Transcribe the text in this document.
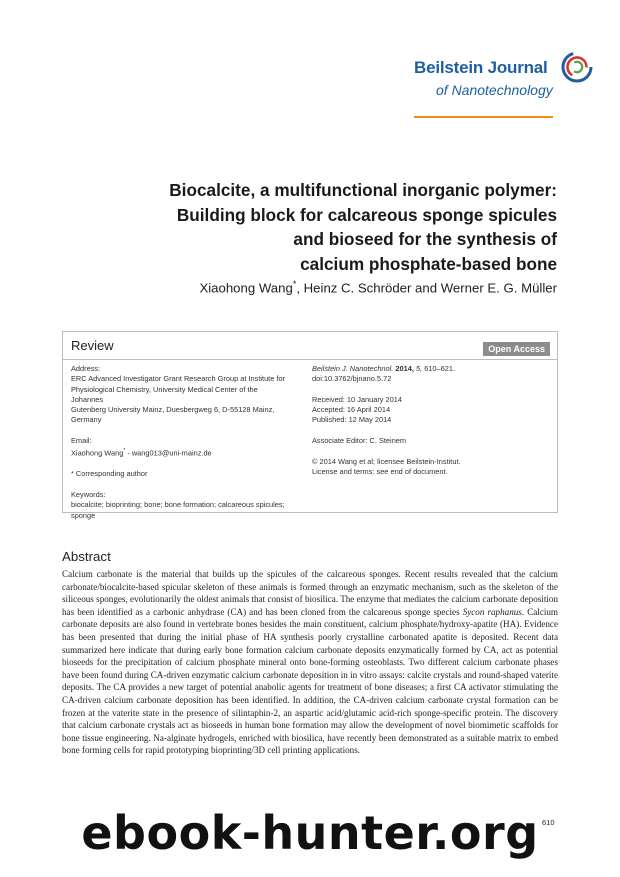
Beilstein Journal
of Nanotechnology
Biocalcite, a multifunctional inorganic polymer:
Building block for calcareous sponge spicules
and bioseed for the synthesis of
calcium phosphate-based bone
Xiaohong Wang*, Heinz C. Schröder and Werner E. G. Müller
Review	Open Access

Address:

ERC Advanced Investigator Grant Research Group at Institute for

Physiological Chemistry, University Medical Center of the Johannes

Gutenberg University Mainz, Duesbergweg 6, D-55128 Mainz,

Germany

Email:

Xiaohong Wang* - wang013@uni-mainz.de

* Corresponding author

Keywords:

biocalcite; bioprinting; bone; bone formation; calcareous spicules;

sponge

Beilstein J. Nanotechnol. 2014, 5, 610–621.

doi:10.3762/bjnano.5.72

Received: 10 January 2014

Accepted: 16 April 2014

Published: 12 May 2014

Associate Editor: C. Steinem

© 2014 Wang et al; licensee Beilstein-Institut.

License and terms: see end of document.

Abstract

Calcium carbonate is the material that builds up the spicules of the calcareous sponges. Recent results revealed that the calcium carbonate/biocalcite-based spicular skeleton of these animals is formed through an enzymatic mechanism, such as the skeleton of the siliceous sponges, evolutionarily the oldest animals that consist of biosilica. The enzyme that mediates the calcium carbonate deposition has been identified as a carbonic anhydrase (CA) and has been cloned from the calcareous sponge species Sycon raphanus. Calcium carbonate deposits are also found in vertebrate bones besides the main constituent, calcium phosphate/hydroxy-apatite (HA). Evidence has been presented that during the initial phase of HA synthesis poorly crystalline carbonated apatite is deposited. Recent data summarized here indicate that during early bone formation calcium carbonate deposits enzymatically formed by CA, act as potential bioseeds for the precipitation of calcium phosphate mineral onto bone-forming osteoblasts. Two different calcium carbonate phases have been found during CA-driven enzymatic calcium carbonate deposition in in vitro assays: calcite crystals and round-shaped vaterite deposits. The CA provides a new target of potential anabolic agents for treatment of bone diseases; a first CA activator stimulating the CA-driven calcium carbonate deposition has been identified. In addition, the CA-driven calcium carbonate crystal formation can be frozen at the vaterite state in the presence of silintaphin-2, an aspartic acid/glutamic acid-rich sponge-specific protein. The discovery that calcium carbonate crystals act as bioseeds in human bone formation may allow the development of novel biomimetic scaffolds for bone tissue engineering. Na-alginate hydrogels, enriched with biosilica, have recently been demonstrated as a suitable matrix to embed bone forming cells for rapid prototyping bioprinting/3D cell printing applications.

610
ebook-hunter.org
